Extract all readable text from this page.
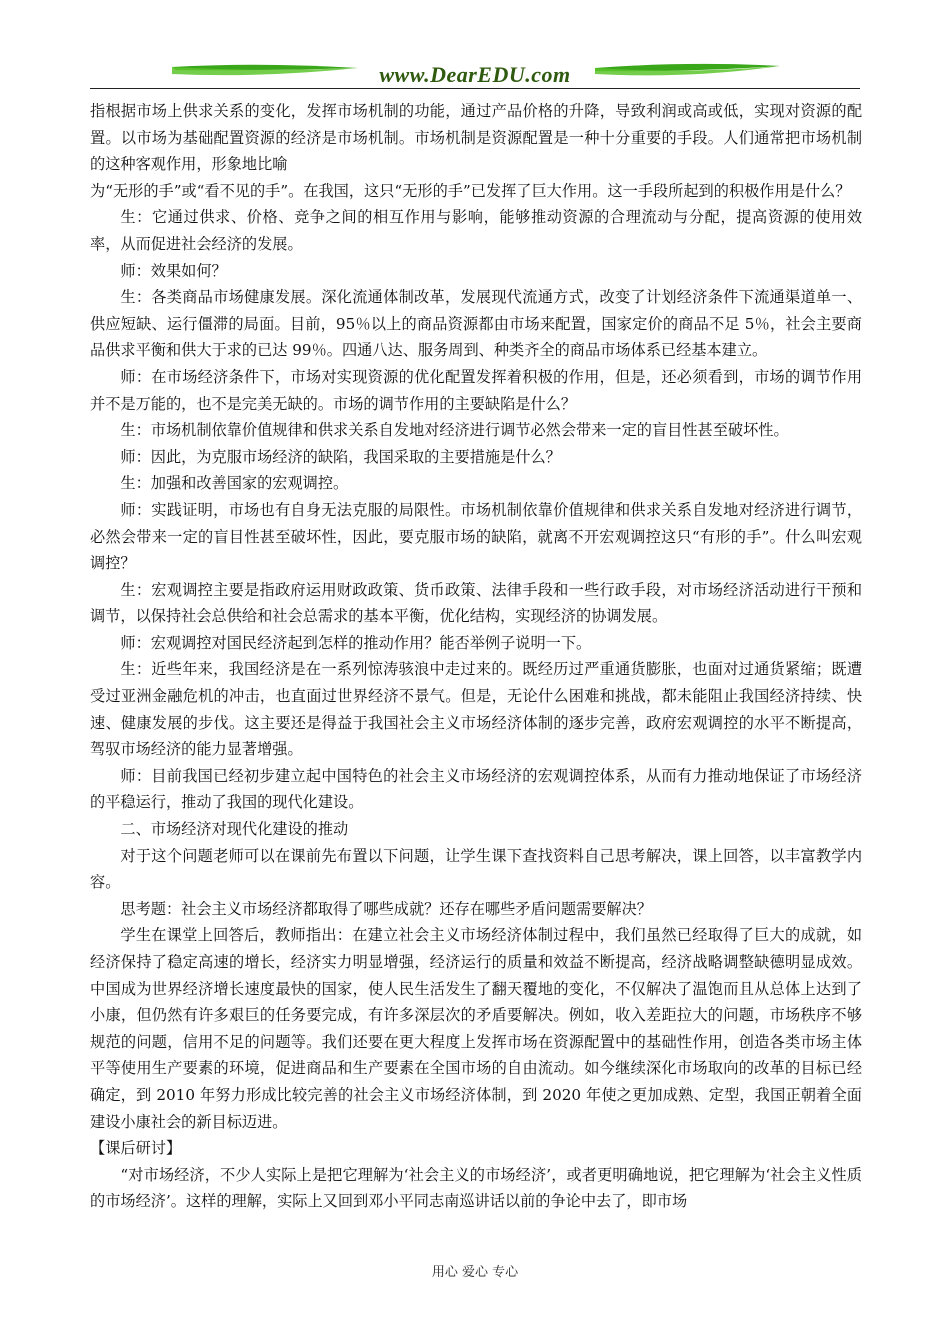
www.DearEDU.com

指根据市场上供求关系的变化，发挥市场机制的功能，通过产品价格的升降，导致利润或高或低，实现对资源的配置。以市场为基础配置资源的经济是市场机制。市场机制是资源配置是一种十分重要的手段。人们通常把市场机制的这种客观作用，形象地比喻

为“无形的手”或“看不见的手”。在我国，这只“无形的手”已发挥了巨大作用。这一手段所起到的积极作用是什么？

生：它通过供求、价格、竞争之间的相互作用与影响，能够推动资源的合理流动与分配，提高资源的使用效率，从而促进社会经济的发展。

师：效果如何？

生：各类商品市场健康发展。深化流通体制改革，发展现代流通方式，改变了计划经济条件下流通渠道单一、供应短缺、运行僵滞的局面。目前，95％以上的商品资源都由市场来配置，国家定价的商品不足 5％，社会主要商品供求平衡和供大于求的已达 99％。四通八达、服务周到、种类齐全的商品市场体系已经基本建立。

师：在市场经济条件下，市场对实现资源的优化配置发挥着积极的作用，但是，还必须看到，市场的调节作用并不是万能的，也不是完美无缺的。市场的调节作用的主要缺陷是什么？

生：市场机制依靠价值规律和供求关系自发地对经济进行调节必然会带来一定的盲目性甚至破坏性。

师：因此，为克服市场经济的缺陷，我国采取的主要措施是什么？

生：加强和改善国家的宏观调控。

师：实践证明，市场也有自身无法克服的局限性。市场机制依靠价值规律和供求关系自发地对经济进行调节，必然会带来一定的盲目性甚至破坏性，因此，要克服市场的缺陷，就离不开宏观调控这只“有形的手”。什么叫宏观调控？

生：宏观调控主要是指政府运用财政政策、货币政策、法律手段和一些行政手段，对市场经济活动进行干预和调节，以保持社会总供给和社会总需求的基本平衡，优化结构，实现经济的协调发展。

师：宏观调控对国民经济起到怎样的推动作用？能否举例子说明一下。

生：近些年来，我国经济是在一系列惊涛骇浪中走过来的。既经历过严重通货膨胀，也面对过通货紧缩；既遭受过亚洲金融危机的冲击，也直面过世界经济不景气。但是，无论什么困难和挑战，都未能阻止我国经济持续、快速、健康发展的步伐。这主要还是得益于我国社会主义市场经济体制的逐步完善，政府宏观调控的水平不断提高，驾驭市场经济的能力显著增强。

师：目前我国已经初步建立起中国特色的社会主义市场经济的宏观调控体系，从而有力推动地保证了市场经济的平稳运行，推动了我国的现代化建设。

二、市场经济对现代化建设的推动

对于这个问题老师可以在课前先布置以下问题，让学生课下查找资料自己思考解决，课上回答，以丰富教学内容。

思考题：社会主义市场经济都取得了哪些成就？还存在哪些矛盾问题需要解决？

学生在课堂上回答后，教师指出：在建立社会主义市场经济体制过程中，我们虽然已经取得了巨大的成就，如经济保持了稳定高速的增长，经济实力明显增强，经济运行的质量和效益不断提高，经济战略调整缺德明显成效。中国成为世界经济增长速度最快的国家，使人民生活发生了翻天覆地的变化，不仅解决了温饱而且从总体上达到了小康，但仍然有许多艰巨的任务要完成，有许多深层次的矛盾要解决。例如，收入差距拉大的问题，市场秩序不够规范的问题，信用不足的问题等。我们还要在更大程度上发挥市场在资源配置中的基础性作用，创造各类市场主体平等使用生产要素的环境，促进商品和生产要素在全国市场的自由流动。如今继续深化市场取向的改革的目标已经确定，到 2010 年努力形成比较完善的社会主义市场经济体制，到 2020 年使之更加成熟、定型，我国正朝着全面建设小康社会的新目标迈进。

【课后研讨】

“对市场经济，不少人实际上是把它理解为‘社会主义的市场经济’，或者更明确地说，把它理解为‘社会主义性质的市场经济’。这样的理解，实际上又回到邓小平同志南巡讲话以前的争论中去了，即市场

用心 爱心 专心
